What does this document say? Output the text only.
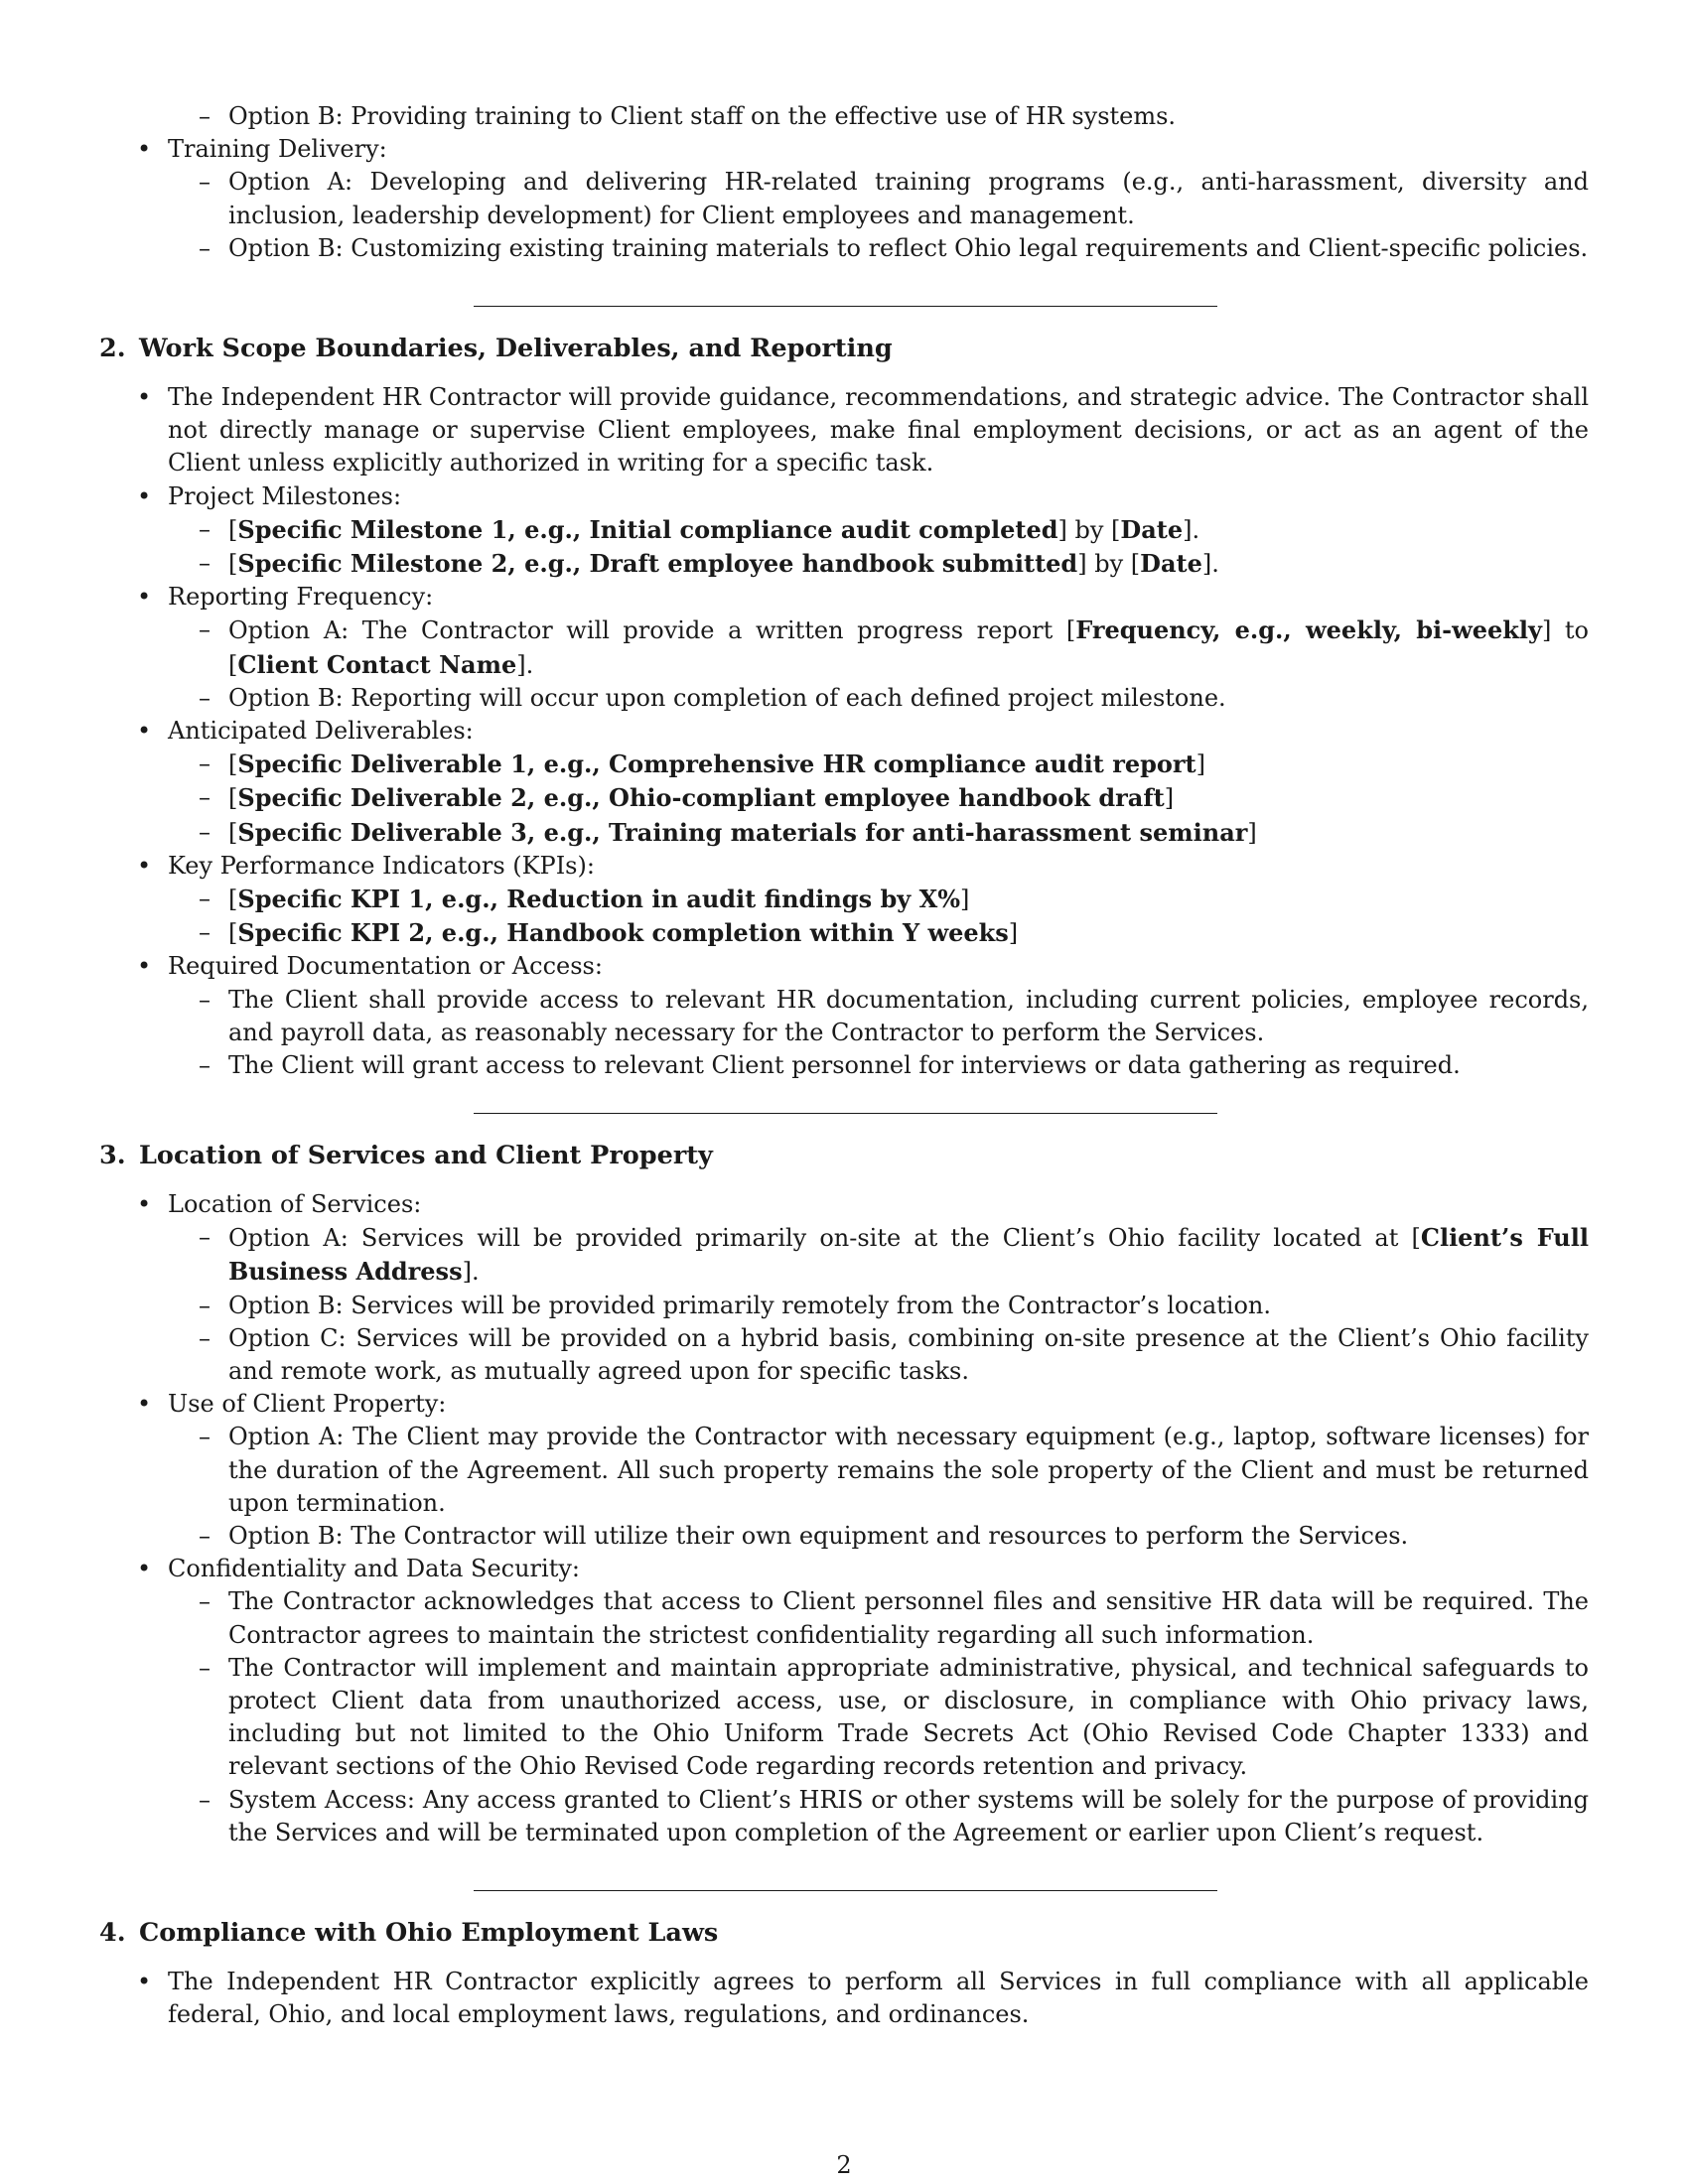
– Option B: Providing training to Client staff on the effective use of HR systems.
• Training Delivery:
– Option A: Developing and delivering HR-related training programs (e.g., anti-harassment, diversity and inclusion, leadership development) for Client employees and management.
– Option B: Customizing existing training materials to reflect Ohio legal requirements and Client-specific policies.
2. Work Scope Boundaries, Deliverables, and Reporting
• The Independent HR Contractor will provide guidance, recommendations, and strategic advice. The Contractor shall not directly manage or supervise Client employees, make final employment decisions, or act as an agent of the Client unless explicitly authorized in writing for a specific task.
• Project Milestones:
– [Specific Milestone 1, e.g., Initial compliance audit completed] by [Date].
– [Specific Milestone 2, e.g., Draft employee handbook submitted] by [Date].
• Reporting Frequency:
– Option A: The Contractor will provide a written progress report [Frequency, e.g., weekly, bi-weekly] to [Client Contact Name].
– Option B: Reporting will occur upon completion of each defined project milestone.
• Anticipated Deliverables:
– [Specific Deliverable 1, e.g., Comprehensive HR compliance audit report]
– [Specific Deliverable 2, e.g., Ohio-compliant employee handbook draft]
– [Specific Deliverable 3, e.g., Training materials for anti-harassment seminar]
• Key Performance Indicators (KPIs):
– [Specific KPI 1, e.g., Reduction in audit findings by X%]
– [Specific KPI 2, e.g., Handbook completion within Y weeks]
• Required Documentation or Access:
– The Client shall provide access to relevant HR documentation, including current policies, employee records, and payroll data, as reasonably necessary for the Contractor to perform the Services.
– The Client will grant access to relevant Client personnel for interviews or data gathering as required.
3. Location of Services and Client Property
• Location of Services:
– Option A: Services will be provided primarily on-site at the Client’s Ohio facility located at [Client’s Full Business Address].
– Option B: Services will be provided primarily remotely from the Contractor’s location.
– Option C: Services will be provided on a hybrid basis, combining on-site presence at the Client’s Ohio facility and remote work, as mutually agreed upon for specific tasks.
• Use of Client Property:
– Option A: The Client may provide the Contractor with necessary equipment (e.g., laptop, software licenses) for the duration of the Agreement. All such property remains the sole property of the Client and must be returned upon termination.
– Option B: The Contractor will utilize their own equipment and resources to perform the Services.
• Confidentiality and Data Security:
– The Contractor acknowledges that access to Client personnel files and sensitive HR data will be required. The Contractor agrees to maintain the strictest confidentiality regarding all such information.
– The Contractor will implement and maintain appropriate administrative, physical, and technical safeguards to protect Client data from unauthorized access, use, or disclosure, in compliance with Ohio privacy laws, including but not limited to the Ohio Uniform Trade Secrets Act (Ohio Revised Code Chapter 1333) and relevant sections of the Ohio Revised Code regarding records retention and privacy.
– System Access: Any access granted to Client’s HRIS or other systems will be solely for the purpose of providing the Services and will be terminated upon completion of the Agreement or earlier upon Client’s request.
4. Compliance with Ohio Employment Laws
• The Independent HR Contractor explicitly agrees to perform all Services in full compliance with all applicable federal, Ohio, and local employment laws, regulations, and ordinances.
2
